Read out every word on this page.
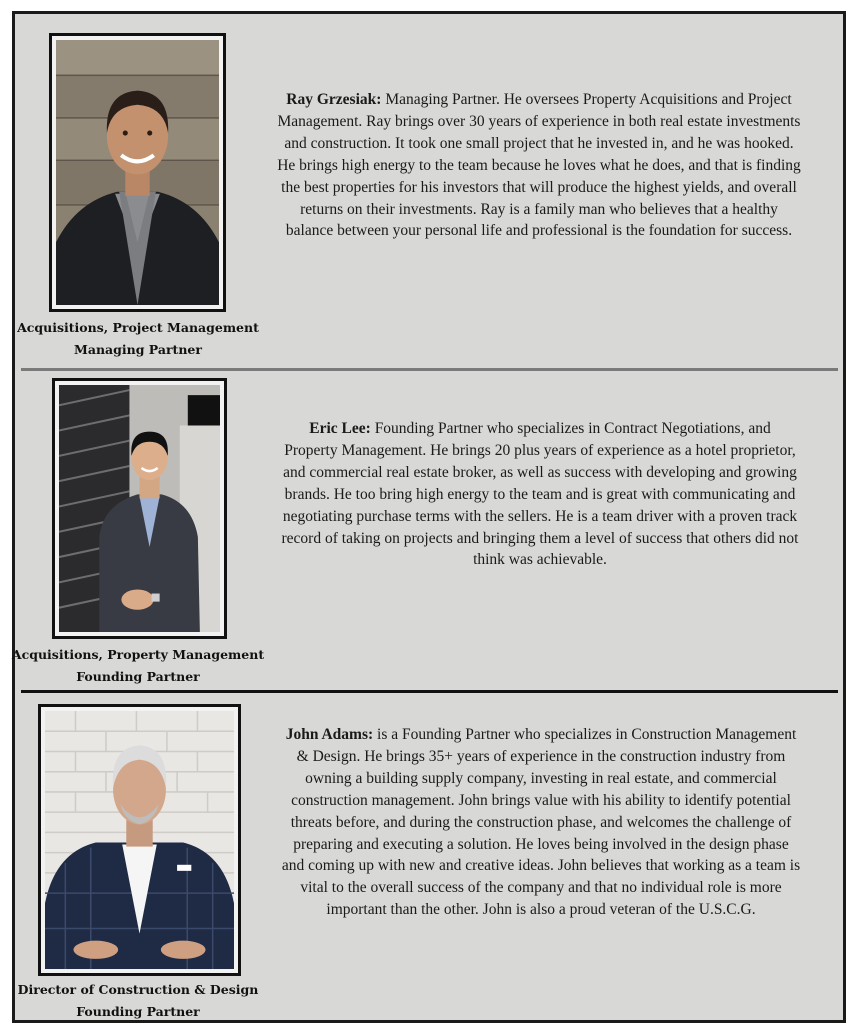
Acquisitions, Project Management
Managing Partner
Ray Grzesiak: Managing Partner. He oversees Property Acquisitions and Project Management. Ray brings over 30 years of experience in both real estate investments and construction. It took one small project that he invested in, and he was hooked. He brings high energy to the team because he loves what he does, and that is finding the best properties for his investors that will produce the highest yields, and overall returns on their investments. Ray is a family man who believes that a healthy balance between your personal life and professional is the foundation for success.
Acquisitions, Property Management
Founding Partner
Eric Lee: Founding Partner who specializes in Contract Negotiations, and Property Management. He brings 20 plus years of experience as a hotel proprietor, and commercial real estate broker, as well as success with developing and growing brands. He too bring high energy to the team and is great with communicating and negotiating purchase terms with the sellers. He is a team driver with a proven track record of taking on projects and bringing them a level of success that others did not think was achievable.
Director of Construction & Design
Founding Partner
John Adams: is a Founding Partner who specializes in Construction Management & Design. He brings 35+ years of experience in the construction industry from owning a building supply company, investing in real estate, and commercial construction management. John brings value with his ability to identify potential threats before, and during the construction phase, and welcomes the challenge of preparing and executing a solution. He loves being involved in the design phase and coming up with new and creative ideas. John believes that working as a team is vital to the overall success of the company and that no individual role is more important than the other. John is also a proud veteran of the U.S.C.G.
